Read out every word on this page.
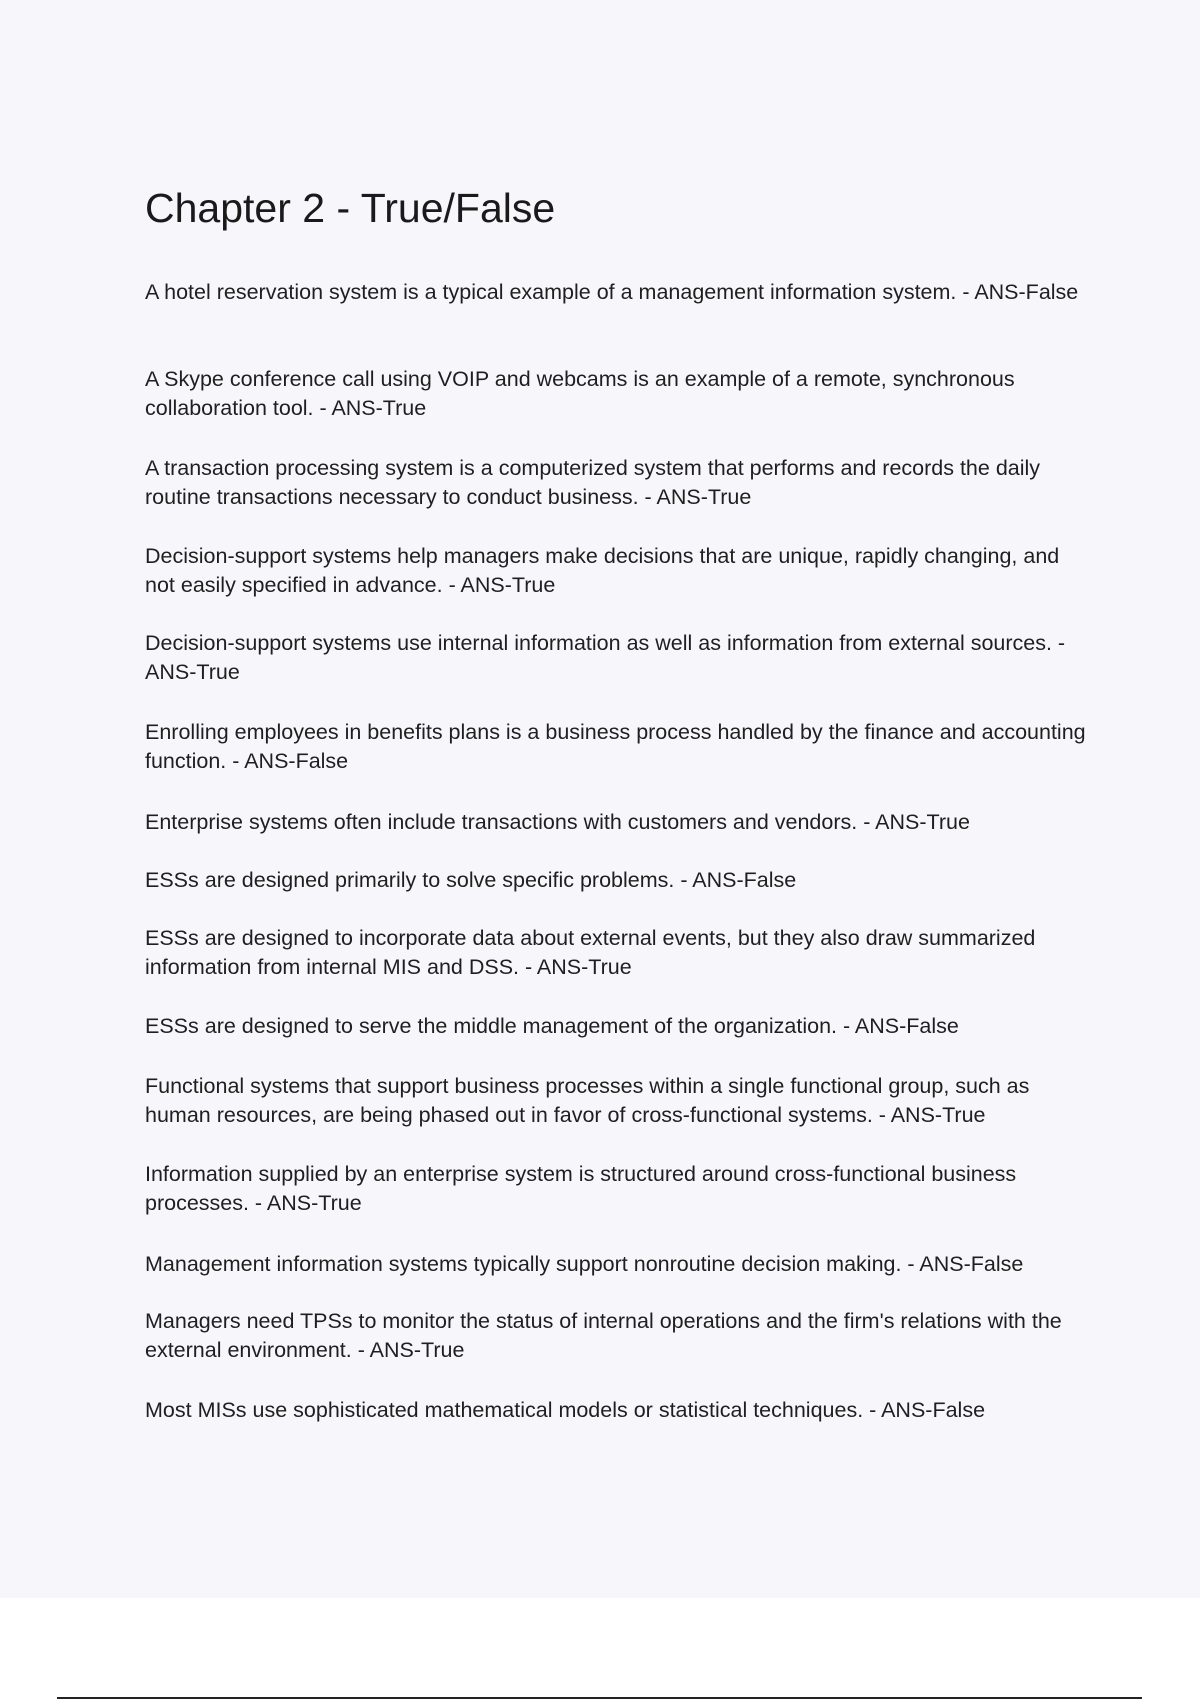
Chapter 2 - True/False
A hotel reservation system is a typical example of a management information system. - ANS-False
A Skype conference call using VOIP and webcams is an example of a remote, synchronous collaboration tool. - ANS-True
A transaction processing system is a computerized system that performs and records the daily routine transactions necessary to conduct business. - ANS-True
Decision-support systems help managers make decisions that are unique, rapidly changing, and not easily specified in advance. - ANS-True
Decision-support systems use internal information as well as information from external sources. - ANS-True
Enrolling employees in benefits plans is a business process handled by the finance and accounting function. - ANS-False
Enterprise systems often include transactions with customers and vendors. - ANS-True
ESSs are designed primarily to solve specific problems. - ANS-False
ESSs are designed to incorporate data about external events, but they also draw summarized information from internal MIS and DSS. - ANS-True
ESSs are designed to serve the middle management of the organization. - ANS-False
Functional systems that support business processes within a single functional group, such as human resources, are being phased out in favor of cross-functional systems. - ANS-True
Information supplied by an enterprise system is structured around cross-functional business processes. - ANS-True
Management information systems typically support nonroutine decision making. - ANS-False
Managers need TPSs to monitor the status of internal operations and the firm's relations with the external environment. - ANS-True
Most MISs use sophisticated mathematical models or statistical techniques. - ANS-False
